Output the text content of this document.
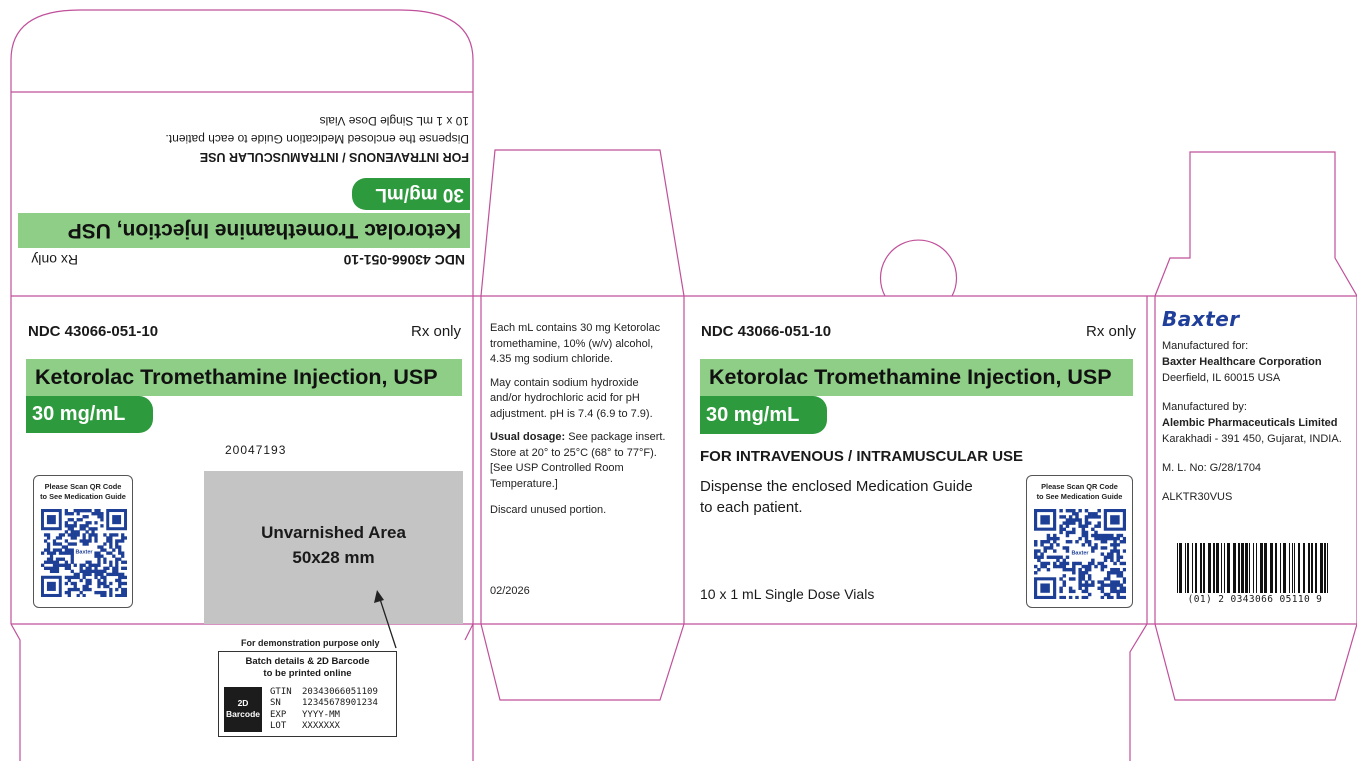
NDC 43066-051-10
Rx only
Ketorolac Tromethamine Injection, USP
30 mg/mL
FOR INTRAVENOUS / INTRAMUSCULAR USE
Dispense the enclosed Medication Guide to each patient.
10 x 1 mL Single Dose Vials
NDC 43066-051-10	Rx only
Ketorolac Tromethamine Injection, USP
30 mg/mL
20047193
Please Scan QR Code
to See Medication Guide
Baxter
Unvarnished Area
50x28 mm
For demonstration purpose only
Batch details & 2D Barcode
to be printed online
2D
Barcode
GTIN 20343066051109
SN 12345678901234
EXP YYYY-MM
LOT XXXXXXX
Each mL contains 30 mg Ketorolac
tromethamine, 10% (w/v) alcohol,
4.35 mg sodium chloride.
May contain sodium hydroxide
and/or hydrochloric acid for pH
adjustment. pH is 7.4 (6.9 to 7.9).
Usual dosage: See package insert.
Store at 20° to 25°C (68° to 77°F).
[See USP Controlled Room
Temperature.]
Discard unused portion.
02/2026
NDC 43066-051-10	Rx only
Ketorolac Tromethamine Injection, USP
30 mg/mL
FOR INTRAVENOUS / INTRAMUSCULAR USE
Dispense the enclosed Medication Guide
to each patient.
Please Scan QR Code
to See Medication Guide
Baxter
10 x 1 mL Single Dose Vials
Baxter
Manufactured for:
Baxter Healthcare Corporation
Deerfield, IL 60015 USA
Manufactured by:
Alembic Pharmaceuticals Limited
Karakhadi - 391 450, Gujarat, INDIA.
M. L. No: G/28/1704
ALKTR30VUS
(01) 2 0343066 05110 9
